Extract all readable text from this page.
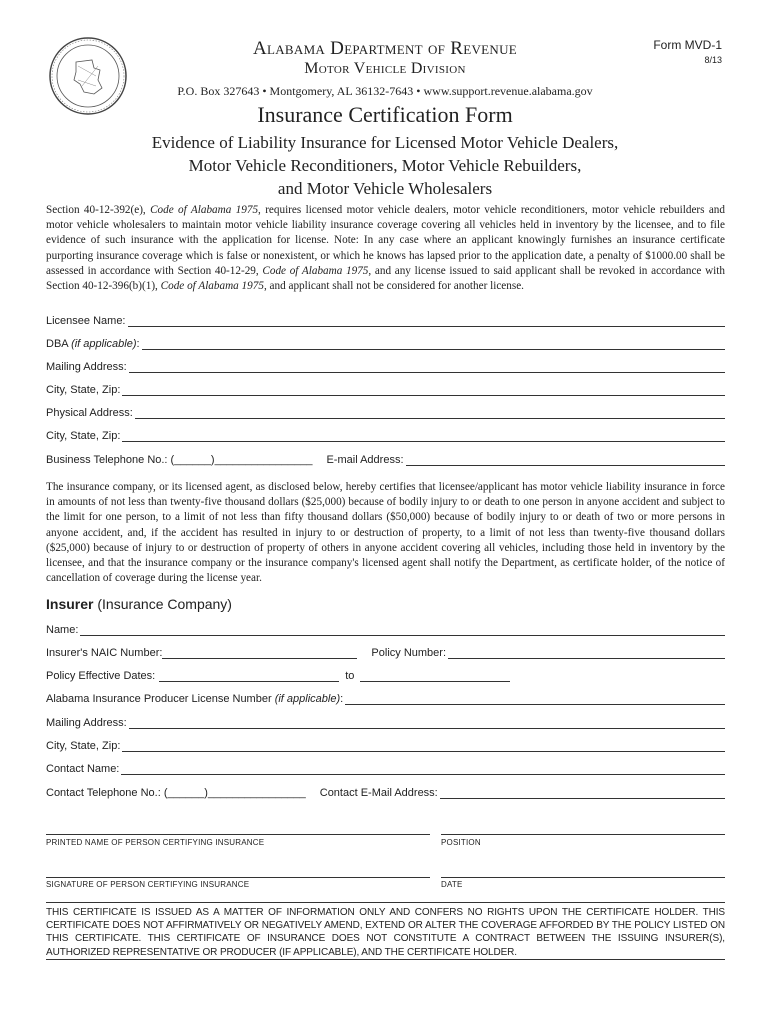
Alabama Department of Revenue
Motor Vehicle Division
P.O. Box 327643 • Montgomery, AL 36132-7643 • www.support.revenue.alabama.gov
Form MVD-1
8/13
Insurance Certification Form
Evidence of Liability Insurance for Licensed Motor Vehicle Dealers,
Motor Vehicle Reconditioners, Motor Vehicle Rebuilders,
and Motor Vehicle Wholesalers
Section 40-12-392(e), Code of Alabama 1975, requires licensed motor vehicle dealers, motor vehicle reconditioners, motor vehicle rebuilders and motor vehicle wholesalers to maintain motor vehicle liability insurance coverage covering all vehicles held in inventory by the licensee, and to file evidence of such insurance with the application for license. Note: In any case where an applicant knowingly furnishes an insurance certificate purporting insurance coverage which is false or nonexistent, or which he knows has lapsed prior to the application date, a penalty of $1000.00 shall be assessed in accordance with Section 40-12-29, Code of Alabama 1975, and any license issued to said applicant shall be revoked in accordance with Section 40-12-396(b)(1), Code of Alabama 1975, and applicant shall not be considered for another license.
Licensee Name:
DBA (if applicable):
Mailing Address:
City, State, Zip:
Physical Address:
City, State, Zip:
Business Telephone No.: (______)________________ E-mail Address:
The insurance company, or its licensed agent, as disclosed below, hereby certifies that licensee/applicant has motor vehicle liability insurance in force in amounts of not less than twenty-five thousand dollars ($25,000) because of bodily injury to or death to one person in anyone accident and subject to the limit for one person, to a limit of not less than fifty thousand dollars ($50,000) because of bodily injury to or death of two or more persons in anyone accident, and, if the accident has resulted in injury to or destruction of property, to a limit of not less than twenty-five thousand dollars ($25,000) because of injury to or destruction of property of others in anyone accident covering all vehicles, including those held in inventory by the licensee, and that the insurance company or the insurance company's licensed agent shall notify the Department, as certificate holder, of the notice of cancellation of coverage during the license year.
Insurer (Insurance Company)
Name:
Insurer's NAIC Number:	Policy Number:
Policy Effective Dates:	to
Alabama Insurance Producer License Number (if applicable):
Mailing Address:
City, State, Zip:
Contact Name:
Contact Telephone No.: (______)________________ Contact E-Mail Address:
PRINTED NAME OF PERSON CERTIFYING INSURANCE	POSITION
SIGNATURE OF PERSON CERTIFYING INSURANCE	DATE
THIS CERTIFICATE IS ISSUED AS A MATTER OF INFORMATION ONLY AND CONFERS NO RIGHTS UPON THE CERTIFICATE HOLDER. THIS CERTIFICATE DOES NOT AFFIRMATIVELY OR NEGATIVELY AMEND, EXTEND OR ALTER THE COVERAGE AFFORDED BY THE POLICY LISTED ON THIS CERTIFICATE. THIS CERTIFICATE OF INSURANCE DOES NOT CONSTITUTE A CONTRACT BETWEEN THE ISSUING INSURER(S), AUTHORIZED REPRESENTATIVE OR PRODUCER (IF APPLICABLE), AND THE CERTIFICATE HOLDER.
